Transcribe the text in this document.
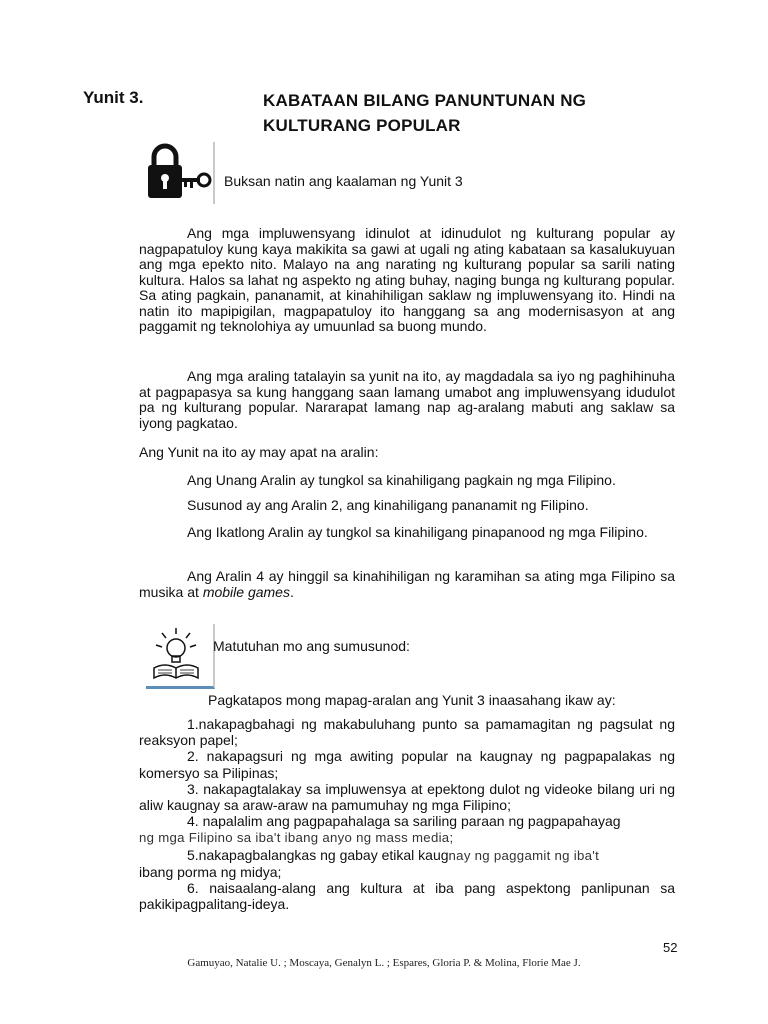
Yunit 3.	KABATAAN BILANG PANUNTUNAN NG
KULTURANG POPULAR
Buksan natin ang kaalaman ng Yunit 3

Ang mga impluwensyang idinulot at idinudulot ng kulturang popular ay nagpapatuloy kung kaya makikita sa gawi at ugali ng ating kabataan sa kasalukuyuan ang mga epekto nito. Malayo na ang narating ng kulturang popular sa sarili nating kultura. Halos sa lahat ng aspekto ng ating buhay, naging bunga ng kulturang popular. Sa ating pagkain, pananamit, at kinahihiligan saklaw ng impluwensyang ito. Hindi na natin ito mapipigilan, magpapatuloy ito hanggang sa ang modernisasyon at ang paggamit ng teknolohiya ay umuunlad sa buong mundo.

Ang mga araling tatalayin sa yunit na ito, ay magdadala sa iyo ng paghihinuha at pagpapasya sa kung hanggang saan lamang umabot ang impluwensyang idudulot pa ng kulturang popular. Nararapat lamang nap ag-aralang mabuti ang saklaw sa iyong pagkatao.

Ang Yunit na ito ay may apat na aralin:

Ang Unang Aralin ay tungkol sa kinahiligang pagkain ng mga Filipino.

Susunod ay ang Aralin 2, ang kinahiligang pananamit ng Filipino.

Ang Ikatlong Aralin ay tungkol sa kinahiligang pinapanood ng mga Filipino.

Ang Aralin 4 ay hinggil sa kinahihiligan ng karamihan sa ating mga Filipino sa musika at mobile games.

Matutuhan mo ang sumusunod:
Pagkatapos mong mapag-aralan ang Yunit 3 inaasahang ikaw ay:

1.nakapagbahagi ng makabuluhang punto sa pamamagitan ng pagsulat ng reaksyon papel;

2. nakapagsuri ng mga awiting popular na kaugnay ng pagpapalakas ng komersyo sa Pilipinas;

3. nakapagtalakay sa impluwensya at epektong dulot ng videoke bilang uri ng aliw kaugnay sa araw-araw na pamumuhay ng mga Filipino;

4. napalalim ang pagpapahalaga sa sariling paraan ng pagpapahayag
ng mga Filipino sa iba't ibang anyo ng mass media;

5.nakapagbalangkas ng gabay etikal kaugnay ng paggamit ng iba't
ibang porma ng midya;

6. naisaalang-alang ang kultura at iba pang aspektong panlipunan sa pakikipagpalitang-ideya.

52
Gamuyao, Natalie U. ; Moscaya, Genalyn L. ; Espares, Gloria P. & Molina, Florie Mae J.
